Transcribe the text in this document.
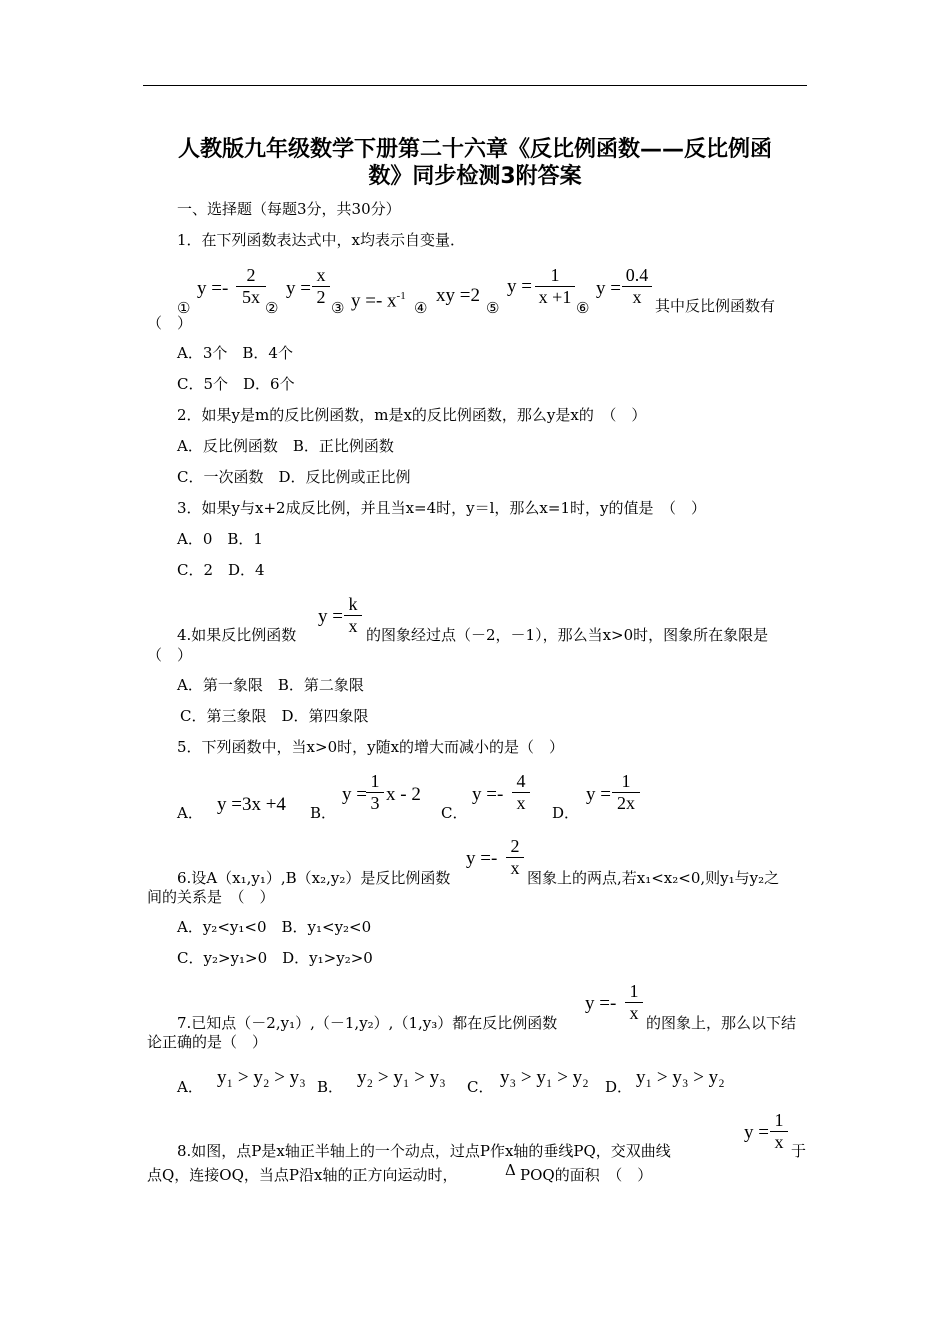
人教版九年级数学下册第二十六章《反比例函数——反比例函
数》同步检测3附答案
一、选择题（每题3分，共30分）
1．在下列函数表达式中，x均表示自变量．
①
$y =- \frac{2}{5x}$ ②
$y = \frac{x}{2}$ ③ $y =- x^{-1}$
④
xy =2
⑤
$y = \frac{1}{x +1}$ ⑥
$y = \frac{0.4}{x}$ 其中反比例函数有
（　）
A．3个　B．4个
C．5个　D．6个
2．如果y是m的反比例函数，m是x的反比例函数，那么y是x的　（　）
A．反比例函数　B．正比例函数
C．一次函数　D．反比例或正比例
3．如果y与x+2成反比例，并且当x=4时，y＝l，那么x=1时，y的值是　（　）
A．0　B．1
C．2　D．4
4.如果反比例函数
$y = \frac{k}{x}$ 的图象经过点（－2，－1），那么当x>0时，图象所在象限是
（　）
A．第一象限　B．第二象限
C．第三象限　D．第四象限
5．下列函数中，当x>0时，y随x的增大而减小的是（　）
A． y =3x +4 B．
$y = \frac{1}{3}$ x - 2
C．
$y =- \frac{4}{x}$ D．
$y = \frac{1}{2x}$
6.设A（x₁,y₁）,B（x₂,y₂）是反比例函数
$y =- \frac{2}{x}$ 图象上的两点,若x₁<x₂<0,则y₁与y₂之
间的关系是　（　）
A．y₂<y₁<0　B．y₁<y₂<0
C．y₂>y₁>0　D．y₁>y₂>0
7.已知点（－2,y₁）,（－1,y₂）,（1,y₃）都在反比例函数
$y =- \frac{1}{x}$ 的图象上，那么以下结
论正确的是（　）
A． y₁ > y₂ > y₃ B． y₂ > y₁ > y₃ C． y₃ > y₁ > y₂ D． y₁ > y₃ > y₂
8.如图，点P是x轴正半轴上的一个动点，过点P作x轴的垂线PQ，交双曲线
$y = \frac{1}{x}$ 于
点Q，连接OQ，当点P沿x轴的正方向运动时，	Δ POQ的面积　（　）
